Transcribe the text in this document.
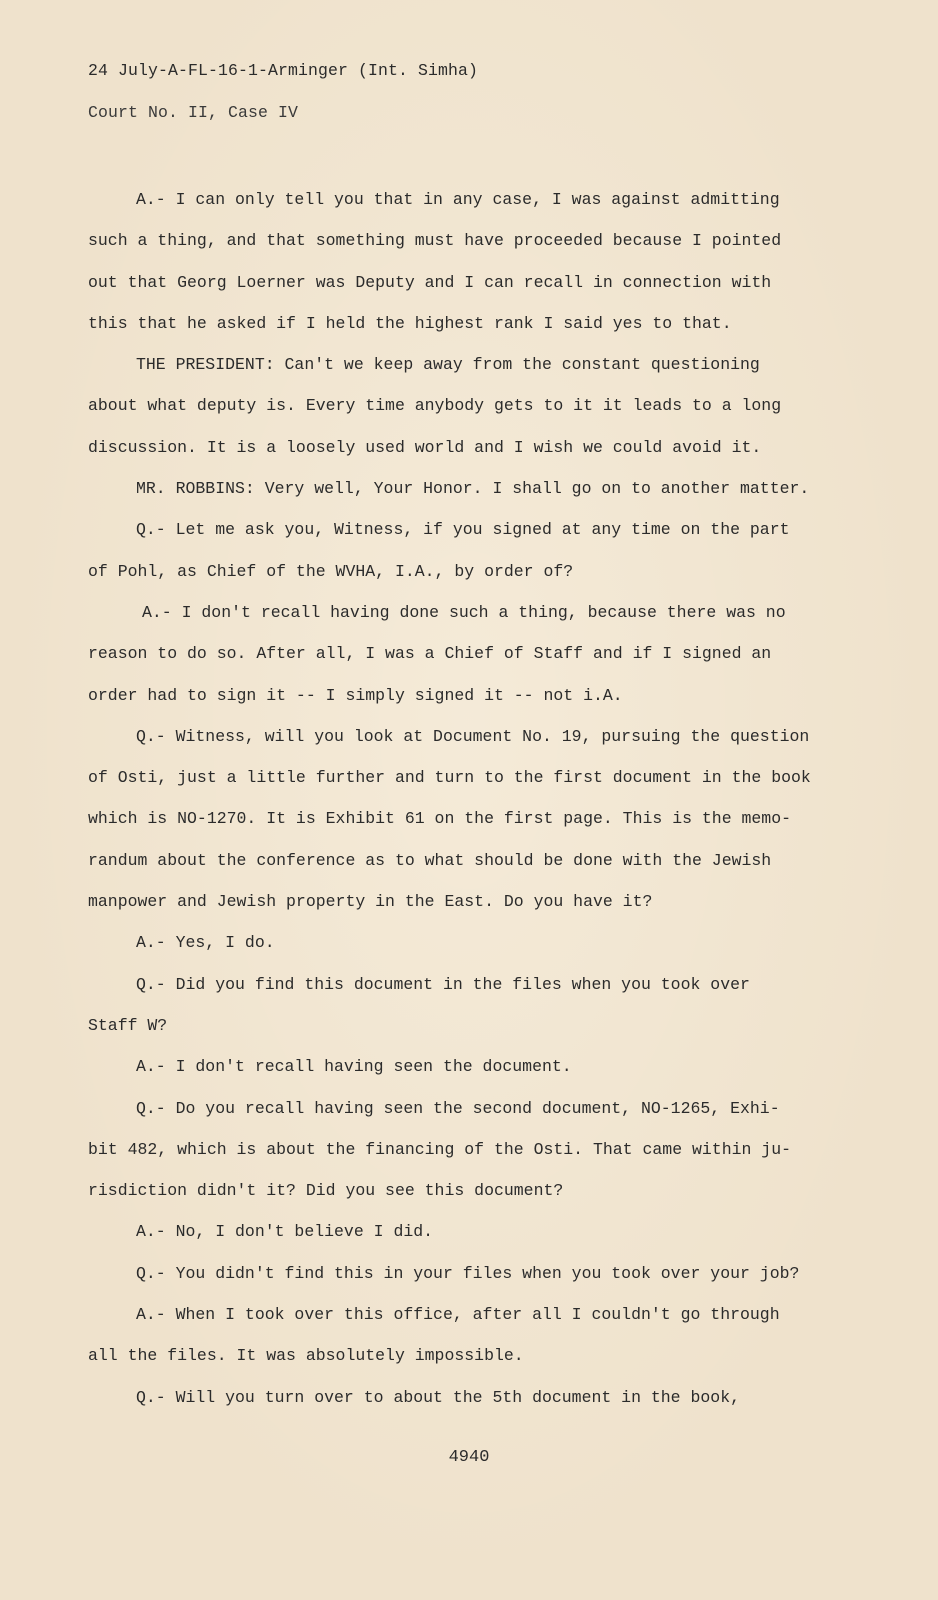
24 July-A-FL-16-1-Arminger (Int. Simha)
Court No. II, Case IV
A.- I can only tell you that in any case, I was against admitting
such a thing, and that something must have proceeded because I pointed
out that Georg Loerner was Deputy and I can recall in connection with
this that he asked if I held the highest rank I said yes to that.
THE PRESIDENT: Can't we keep away from the constant questioning
about what deputy is. Every time anybody gets to it it leads to a long
discussion. It is a loosely used world and I wish we could avoid it.
MR. ROBBINS: Very well, Your Honor. I shall go on to another matter.
Q.- Let me ask you, Witness, if you signed at any time on the part
of Pohl, as Chief of the WVHA, I.A., by order of?
A.- I don't recall having done such a thing, because there was no
reason to do so. After all, I was a Chief of Staff and if I signed an
order had to sign it -- I simply signed it -- not i.A.
Q.- Witness, will you look at Document No. 19, pursuing the question
of Osti, just a little further and turn to the first document in the book
which is NO-1270. It is Exhibit 61 on the first page. This is the memo-
randum about the conference as to what should be done with the Jewish
manpower and Jewish property in the East. Do you have it?
A.- Yes, I do.
Q.- Did you find this document in the files when you took over
Staff W?
A.- I don't recall having seen the document.
Q.- Do you recall having seen the second document, NO-1265, Exhi-
bit 482, which is about the financing of the Osti. That came within ju-
risdiction didn't it? Did you see this document?
A.- No, I don't believe I did.
Q.- You didn't find this in your files when you took over your job?
A.- When I took over this office, after all I couldn't go through
all the files. It was absolutely impossible.
Q.- Will you turn over to about the 5th document in the book,
4940
